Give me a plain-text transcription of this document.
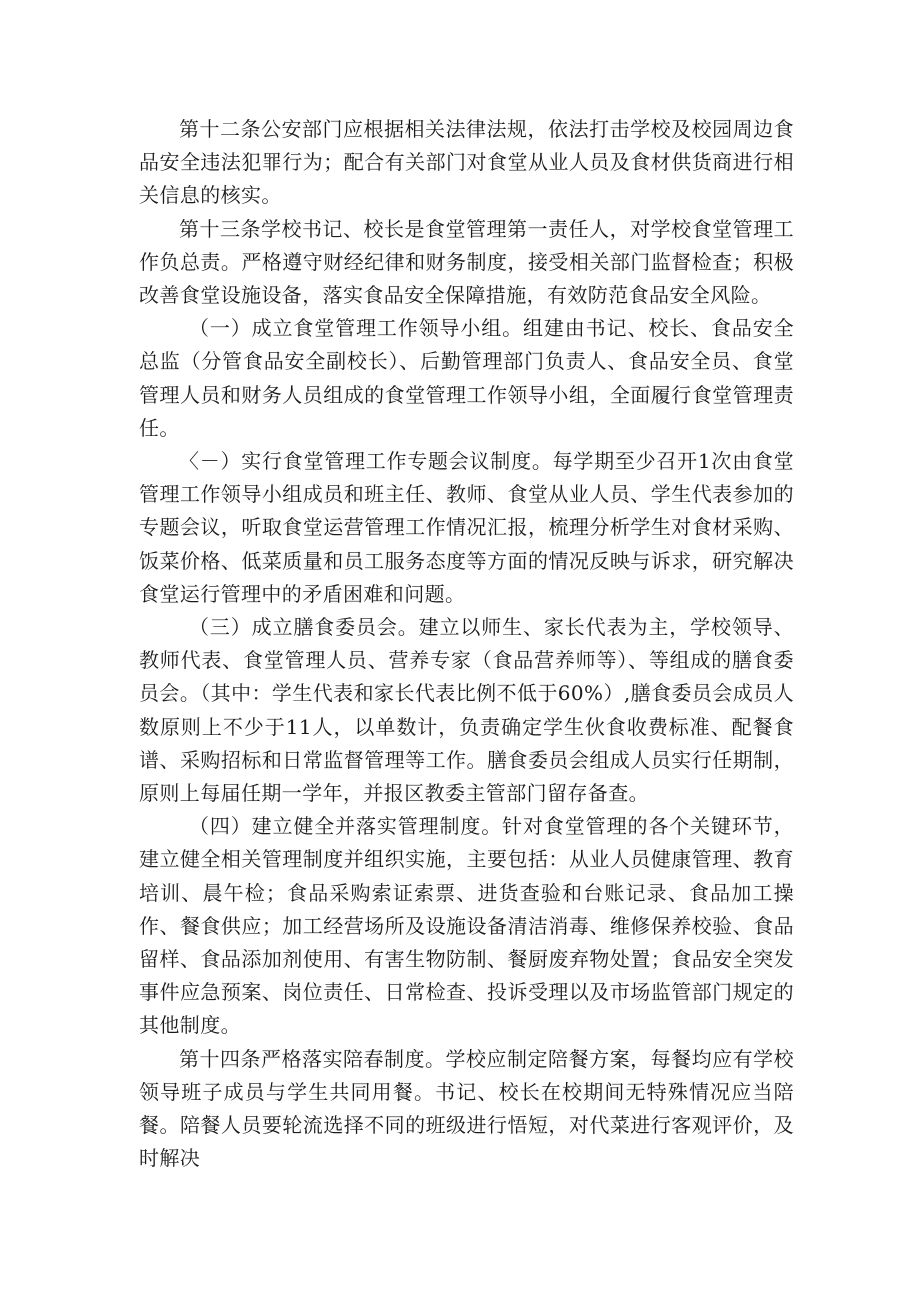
第十二条公安部门应根据相关法律法规，依法打击学校及校园周边食品安全违法犯罪行为；配合有关部门对食堂从业人员及食材供货商进行相关信息的核实。

第十三条学校书记、校长是食堂管理第一责任人，对学校食堂管理工作负总责。严格遵守财经纪律和财务制度，接受相关部门监督检查；积极改善食堂设施设备，落实食品安全保障措施，有效防范食品安全风险。

（一）成立食堂管理工作领导小组。组建由书记、校长、食品安全总监（分管食品安全副校长）、后勤管理部门负责人、食品安全员、食堂管理人员和财务人员组成的食堂管理工作领导小组，全面履行食堂管理责任。

〈－）实行食堂管理工作专题会议制度。每学期至少召开1次由食堂管理工作领导小组成员和班主任、教师、食堂从业人员、学生代表参加的专题会议，听取食堂运营管理工作情况汇报，梳理分析学生对食材采购、饭菜价格、低菜质量和员工服务态度等方面的情况反映与诉求，研究解决食堂运行管理中的矛盾困难和问题。

（三）成立膳食委员会。建立以师生、家长代表为主，学校领导、教师代表、食堂管理人员、营养专家（食品营养师等）、等组成的膳食委员会。（其中：学生代表和家长代表比例不低于60%）,膳食委员会成员人数原则上不少于11人，以单数计，负责确定学生伙食收费标准、配餐食谱、采购招标和日常监督管理等工作。膳食委员会组成人员实行任期制，原则上每届任期一学年，并报区教委主管部门留存备查。

（四）建立健全并落实管理制度。针对食堂管理的各个关键环节，建立健全相关管理制度并组织实施，主要包括：从业人员健康管理、教育培训、晨午检；食品采购索证索票、进货查验和台账记录、食品加工操作、餐食供应；加工经营场所及设施设备清洁消毒、维修保养校验、食品留样、食品添加剂使用、有害生物防制、餐厨废弃物处置；食品安全突发事件应急预案、岗位责任、日常检查、投诉受理以及市场监管部门规定的其他制度。

第十四条严格落实陪春制度。学校应制定陪餐方案，每餐均应有学校领导班子成员与学生共同用餐。书记、校长在校期间无特殊情况应当陪餐。陪餐人员要轮流选择不同的班级进行悟短，对代菜进行客观评价，及时解决
